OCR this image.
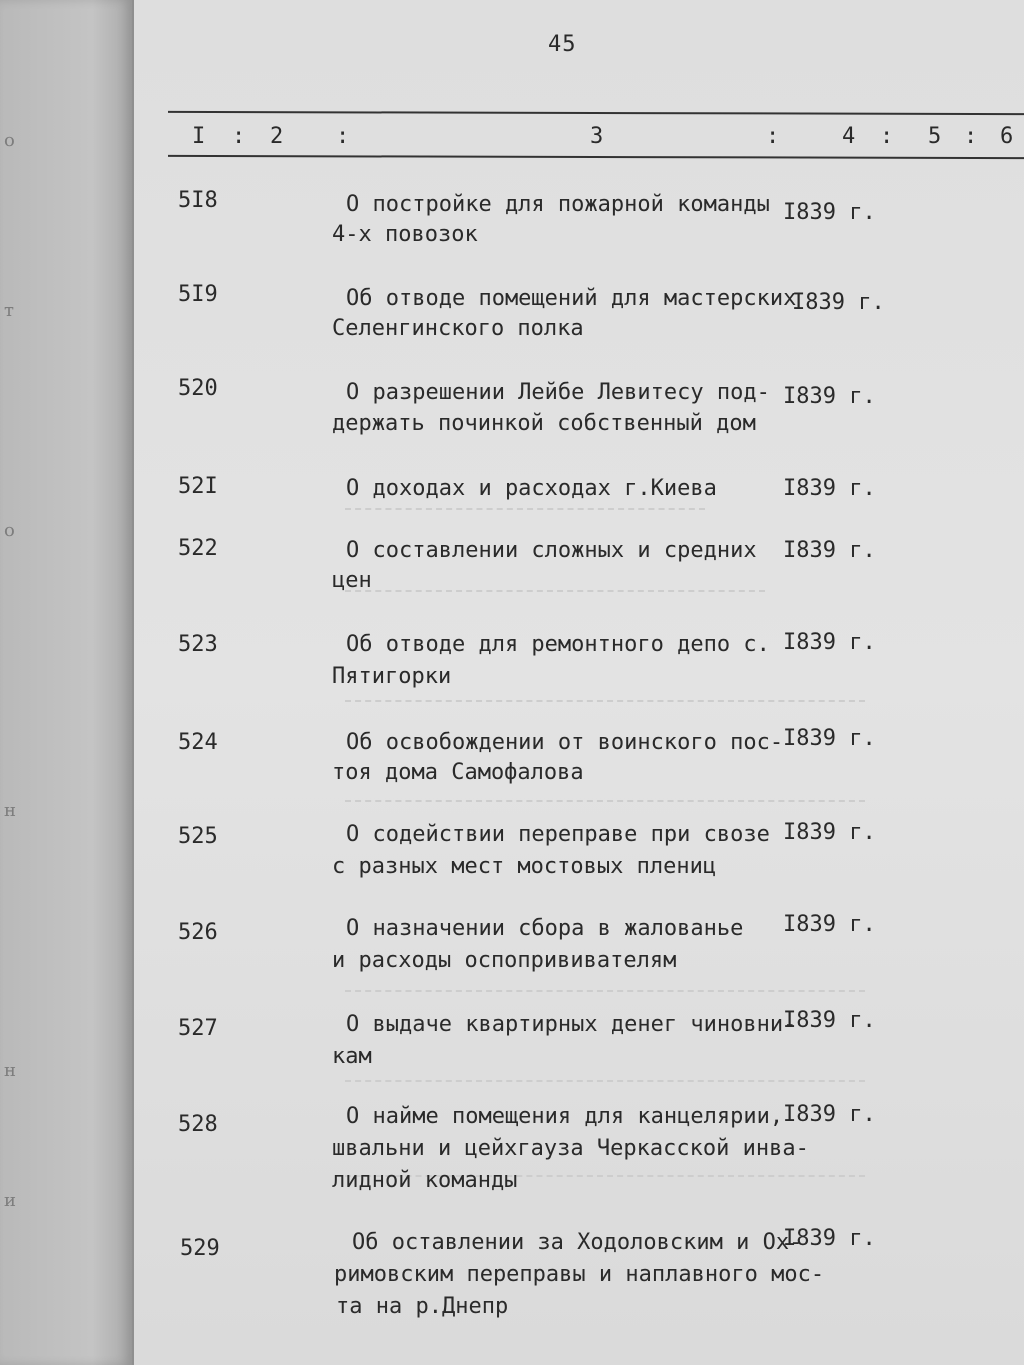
о
т
о
н
н
и
45
I : 2 :	3	:	4 : 5 : 6
5I8	О постройке для пожарной команды
4-х повозок
I839 г.
5I9	Об отводе помещений для мастерских
Селенгинского полка
I839 г.
520	О разрешении Лейбе Левитесу под-
держать починкой собственный дом
I839 г.
52I	О доходах и расходах г.Киева	I839 г.
522	О составлении сложных и средних
цен
I839 г.
523	Об отводе для ремонтного депо с.
Пятигорки
I839 г.
524	Об освобождении от воинского пос-
тоя дома Самофалова
I839 г.
525	О содействии переправе при свозе
с разных мест мостовых плениц
I839 г.
526	О назначении сбора в жалованье
и расходы оспопрививателям
I839 г.
527	О выдаче квартирных денег чиновни-
кам
I839 г.
528	О найме помещения для канцелярии,
швальни и цейхгауза Черкасской инва-
лидной команды
I839 г.
529	Об оставлении за Ходоловским и Ох-
римовским переправы и наплавного мос-
та на р.Днепр
I839 г.
